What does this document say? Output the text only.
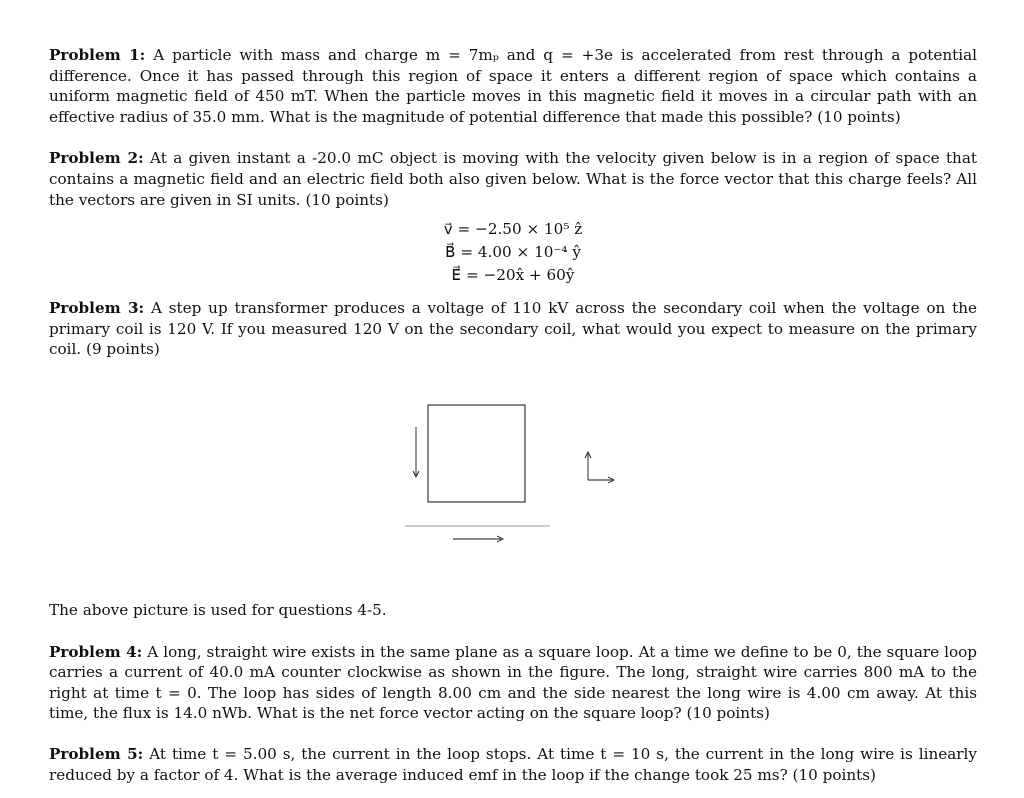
Problem 1: A particle with mass and charge m = 7mₚ and q = +3e is accelerated from rest through a potential difference. Once it has passed through this region of space it enters a different region of space which contains a uniform magnetic field of 450 mT. When the particle moves in this magnetic field it moves in a circular path with an effective radius of 35.0 mm. What is the magnitude of potential difference that made this possible? (10 points)

Problem 2: At a given instant a -20.0 mC object is moving with the velocity given below is in a region of space that contains a magnetic field and an electric field both also given below. What is the force vector that this charge feels? All the vectors are given in SI units. (10 points)

v⃗ = −2.50 × 10⁵ ẑ
B⃗ = 4.00 × 10⁻⁴ ŷ
E⃗ = −20x̂ + 60ŷ

Problem 3: A step up transformer produces a voltage of 110 kV across the secondary coil when the voltage on the primary coil is 120 V. If you measured 120 V on the secondary coil, what would you expect to measure on the primary coil. (9 points)

The above picture is used for questions 4-5.

Problem 4: A long, straight wire exists in the same plane as a square loop. At a time we define to be 0, the square loop carries a current of 40.0 mA counter clockwise as shown in the figure. The long, straight wire carries 800 mA to the right at time t = 0. The loop has sides of length 8.00 cm and the side nearest the long wire is 4.00 cm away. At this time, the flux is 14.0 nWb. What is the net force vector acting on the square loop? (10 points)

Problem 5: At time t = 5.00 s, the current in the loop stops. At time t = 10 s, the current in the long wire is linearly reduced by a factor of 4. What is the average induced emf in the loop if the change took 25 ms? (10 points)
